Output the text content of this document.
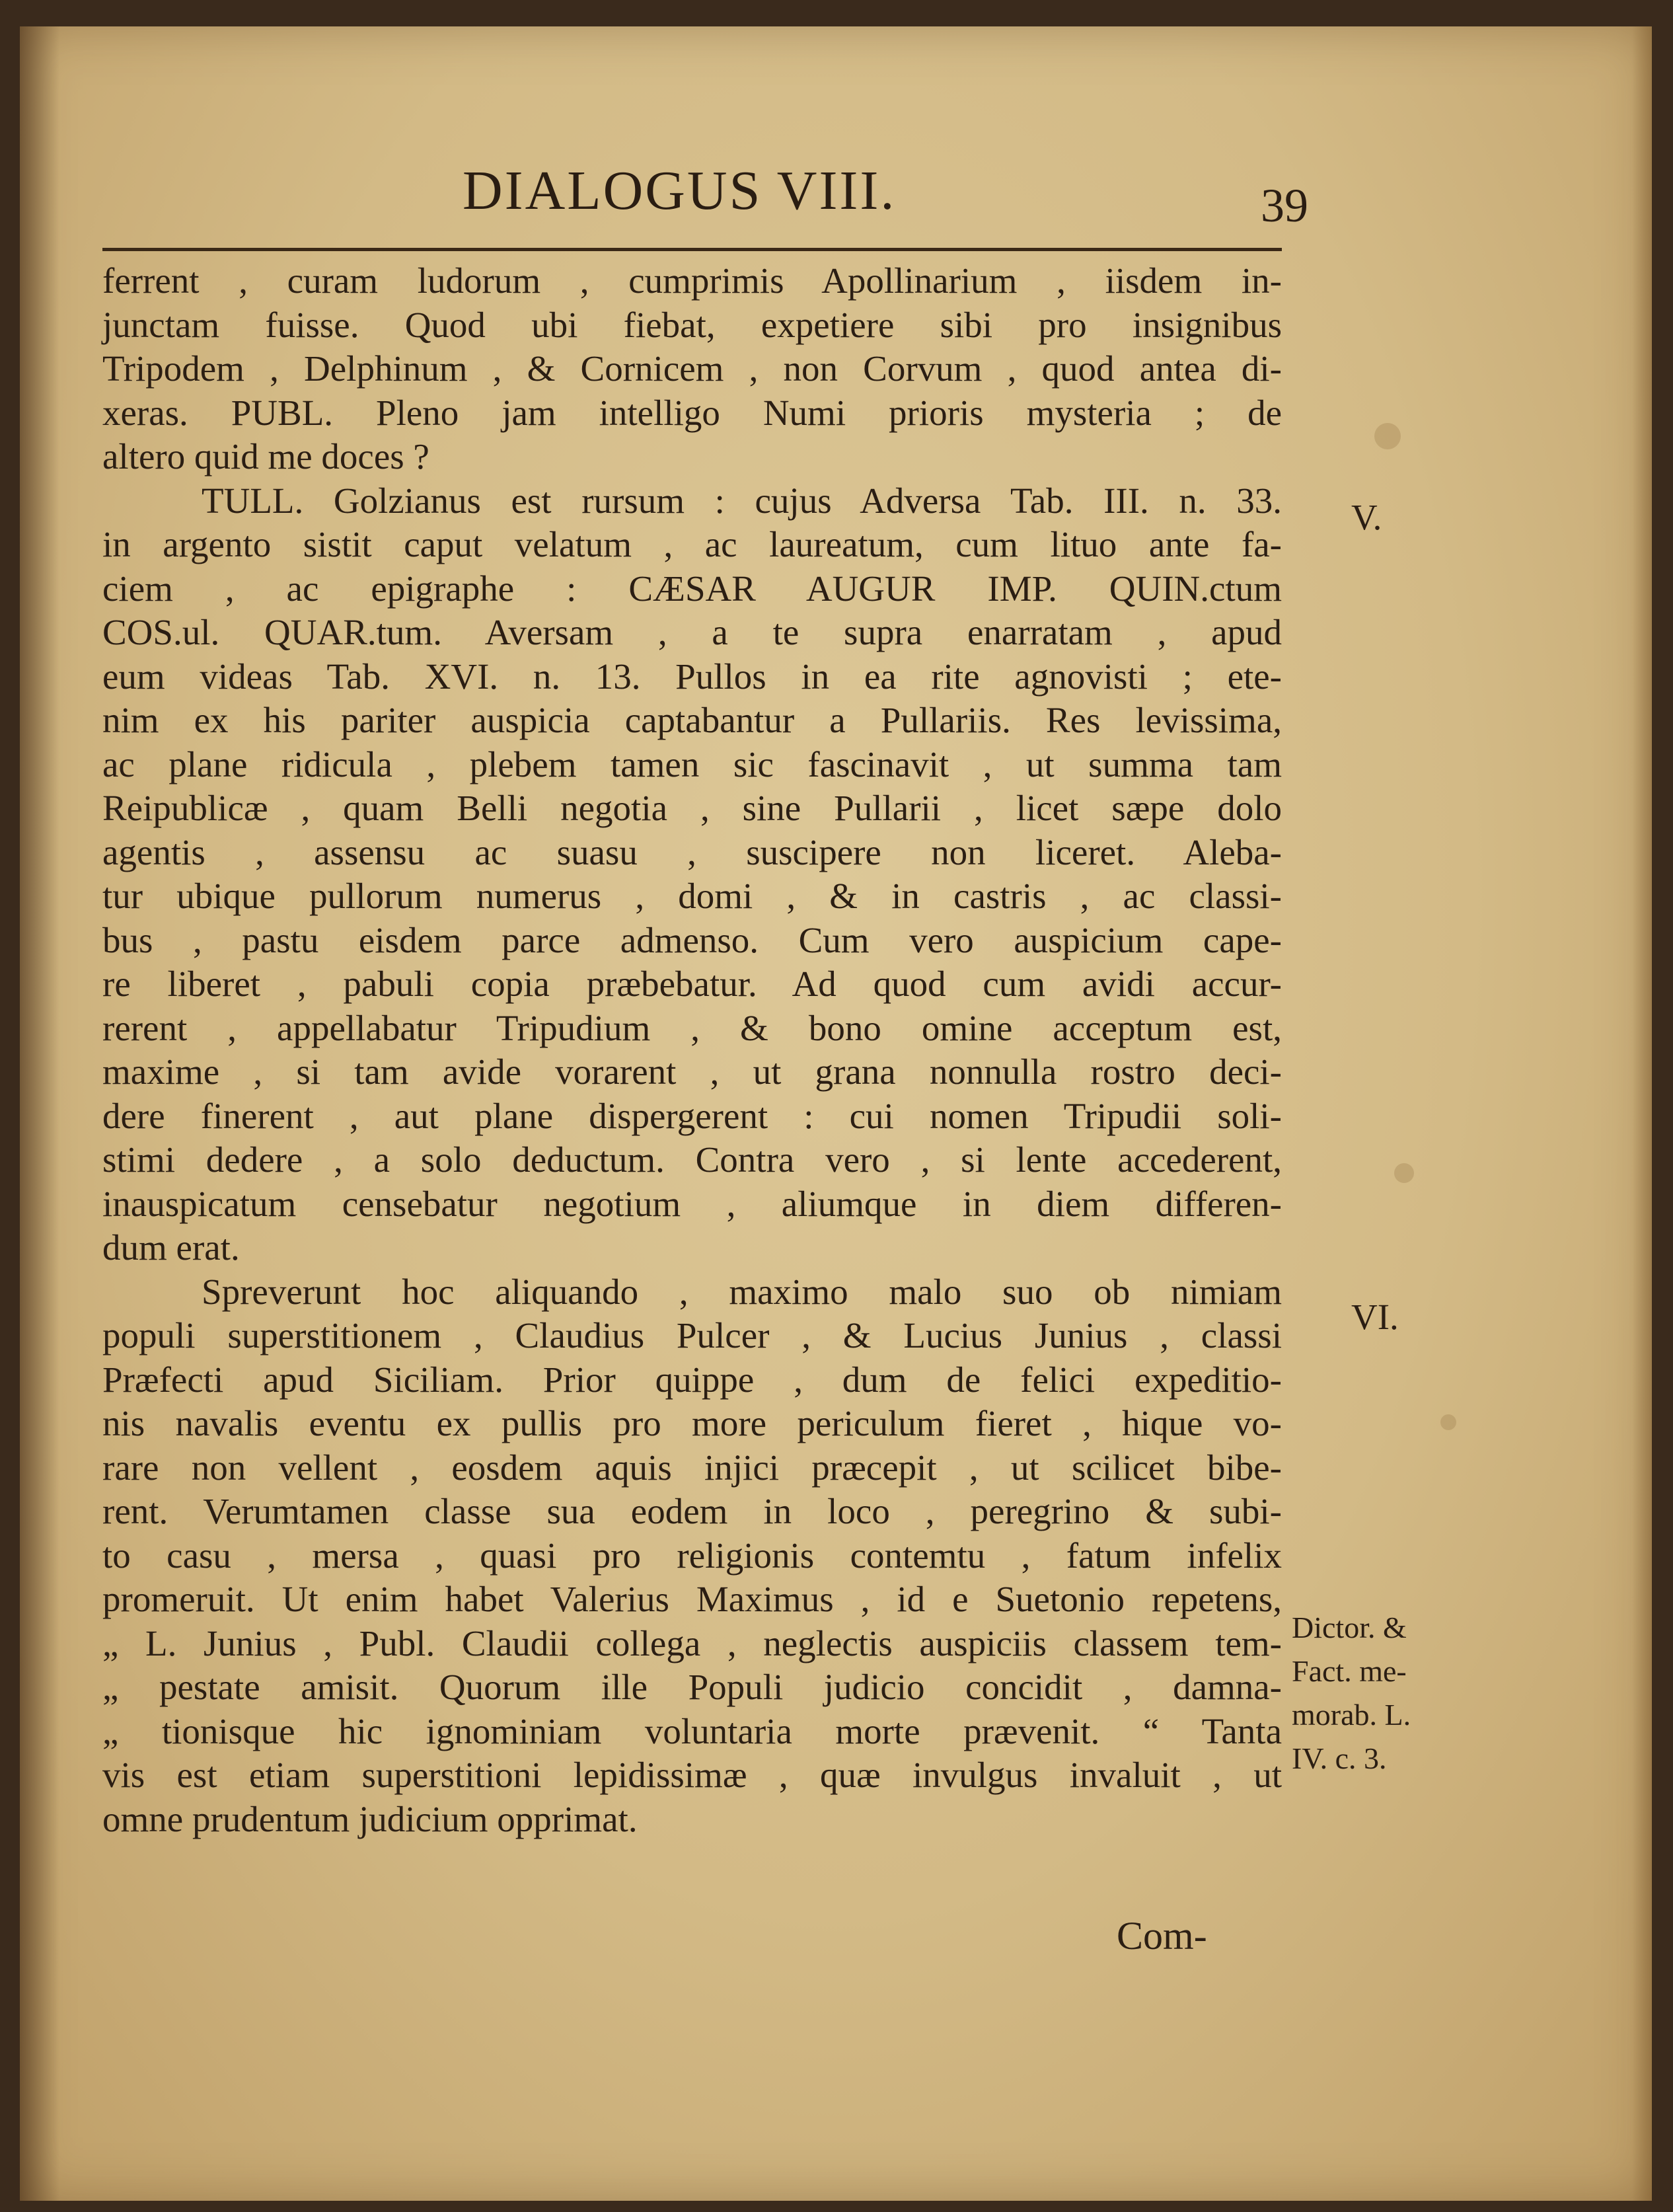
DIALOGUS VIII.	39
ferrent , curam ludorum , cumprimis Apollinarium , iisdem in-
junctam fuisse. Quod ubi fiebat, expetiere sibi pro insignibus
Tripodem , Delphinum , & Cornicem , non Corvum , quod antea di-
xeras. PUBL. Pleno jam intelligo Numi prioris mysteria ; de
altero quid me doces ?
TULL. Golzianus est rursum : cujus Adversa Tab. III. n. 33.
in argento sistit caput velatum , ac laureatum, cum lituo ante fa-
ciem , ac epigraphe : CÆSAR AUGUR IMP. QUIN.ctum
COS.ul. QUAR.tum. Aversam , a te supra enarratam , apud
eum videas Tab. XVI. n. 13. Pullos in ea rite agnovisti ; ete-
nim ex his pariter auspicia captabantur a Pullariis. Res levissima,
ac plane ridicula , plebem tamen sic fascinavit , ut summa tam
Reipublicæ , quam Belli negotia , sine Pullarii , licet sæpe dolo
agentis , assensu ac suasu , suscipere non liceret. Aleba-
tur ubique pullorum numerus , domi , & in castris , ac classi-
bus , pastu eisdem parce admenso. Cum vero auspicium cape-
re liberet , pabuli copia præbebatur. Ad quod cum avidi accur-
rerent , appellabatur Tripudium , & bono omine acceptum est,
maxime , si tam avide vorarent , ut grana nonnulla rostro deci-
dere finerent , aut plane dispergerent : cui nomen Tripudii soli-
stimi dedere , a solo deductum. Contra vero , si lente accederent,
inauspicatum censebatur negotium , aliumque in diem differen-
dum erat.
Spreverunt hoc aliquando , maximo malo suo ob nimiam
populi superstitionem , Claudius Pulcer , & Lucius Junius , classi
Præfecti apud Siciliam. Prior quippe , dum de felici expeditio-
nis navalis eventu ex pullis pro more periculum fieret , hique vo-
rare non vellent , eosdem aquis injici præcepit , ut scilicet bibe-
rent. Verumtamen classe sua eodem in loco , peregrino & subi-
to casu , mersa , quasi pro religionis contemtu , fatum infelix
promeruit. Ut enim habet Valerius Maximus , id e Suetonio repetens,
„ L. Junius , Publ. Claudii collega , neglectis auspiciis classem tem-
„ pestate amisit. Quorum ille Populi judicio concidit , damna-
„ tionisque hic ignominiam voluntaria morte prævenit. “ Tanta
vis est etiam superstitioni lepidissimæ , quæ invulgus invaluit , ut
omne prudentum judicium opprimat.
V.
VI.
Dictor. &
Fact. me-
morab. L.
IV. c. 3.
Com-
